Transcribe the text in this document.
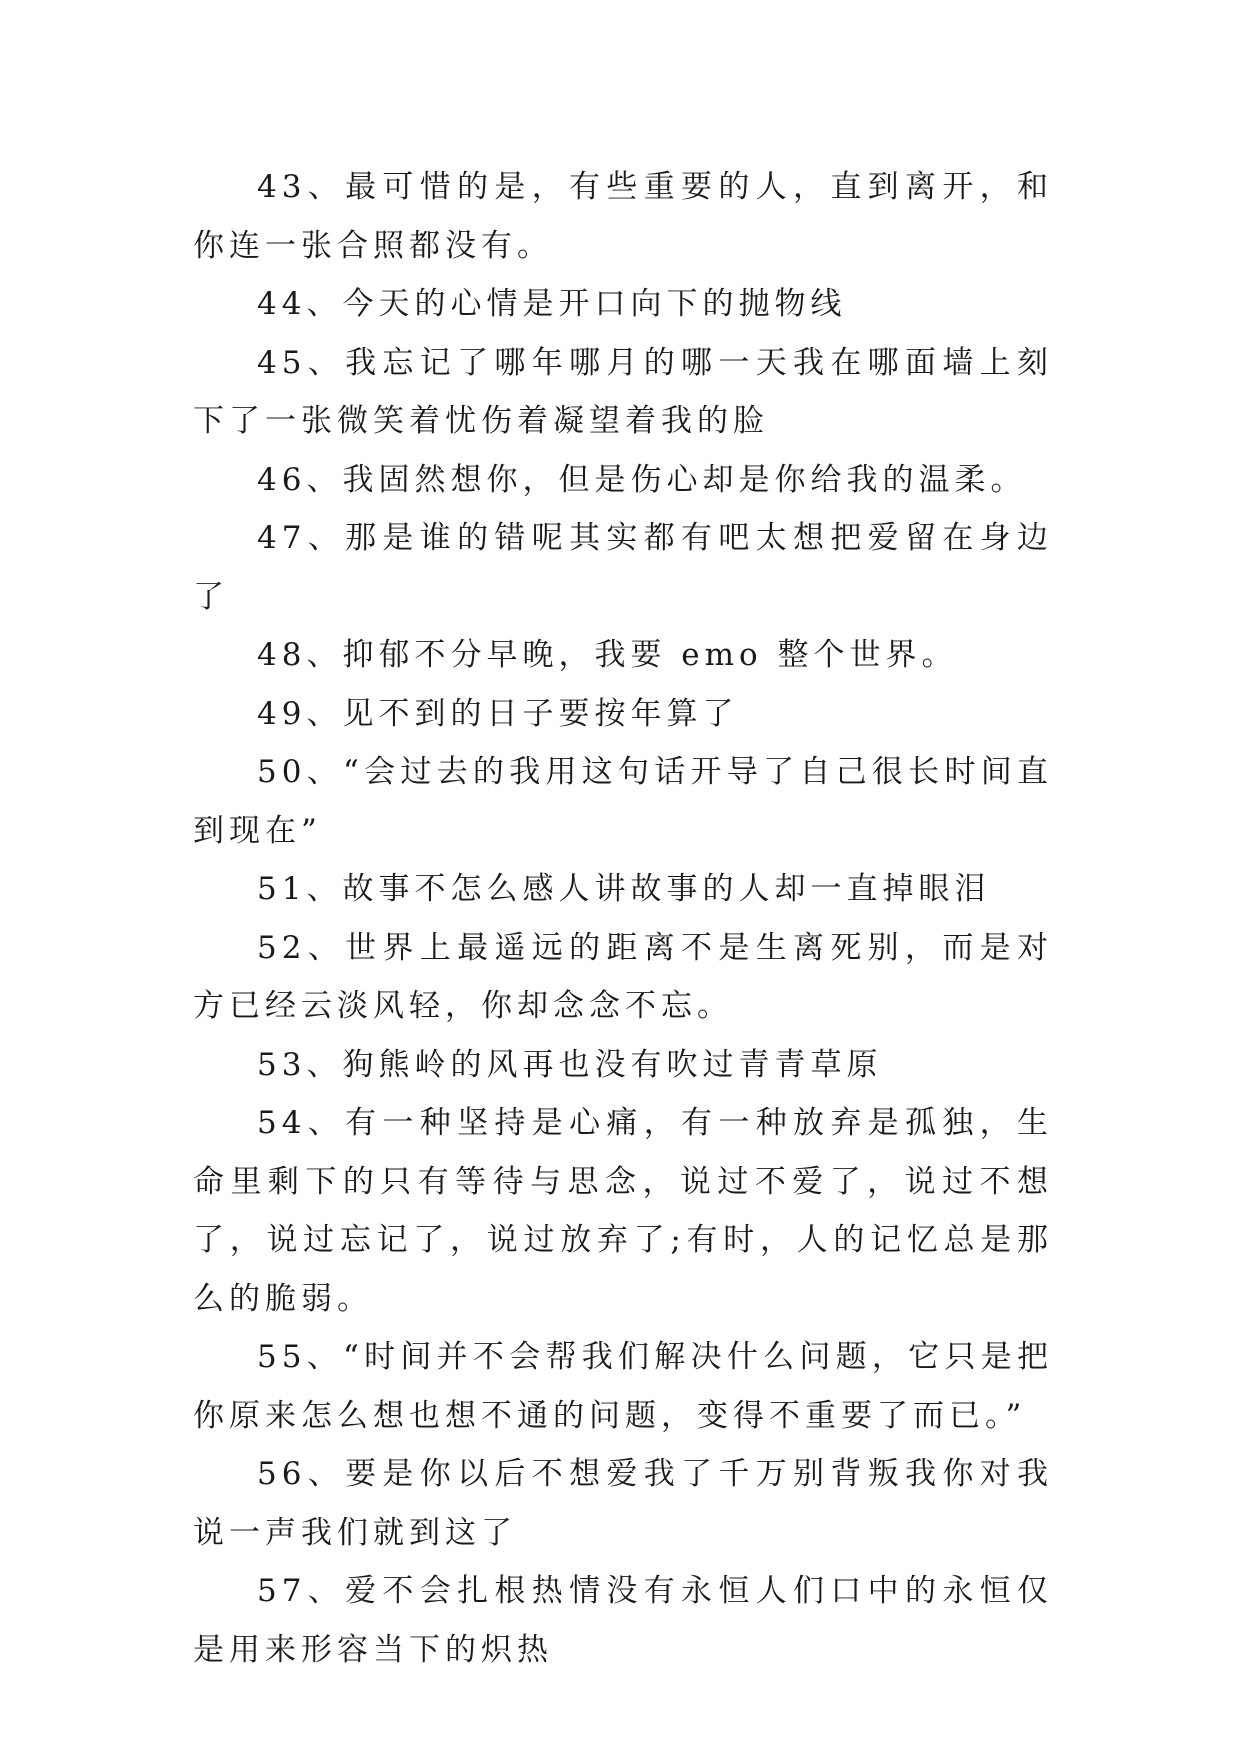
43、最可惜的是，有些重要的人，直到离开，和你连一张合照都没有。

44、今天的心情是开口向下的抛物线

45、我忘记了哪年哪月的哪一天我在哪面墙上刻下了一张微笑着忧伤着凝望着我的脸

46、我固然想你，但是伤心却是你给我的温柔。

47、那是谁的错呢其实都有吧太想把爱留在身边了

48、抑郁不分早晚，我要 emo 整个世界。

49、见不到的日子要按年算了

50、“会过去的我用这句话开导了自己很长时间直到现在”

51、故事不怎么感人讲故事的人却一直掉眼泪

52、世界上最遥远的距离不是生离死别，而是对方已经云淡风轻，你却念念不忘。

53、狗熊岭的风再也没有吹过青青草原

54、有一种坚持是心痛，有一种放弃是孤独，生命里剩下的只有等待与思念，说过不爱了，说过不想了，说过忘记了，说过放弃了;有时，人的记忆总是那么的脆弱。

55、“时间并不会帮我们解决什么问题，它只是把你原来怎么想也想不通的问题，变得不重要了而已。”

56、要是你以后不想爱我了千万别背叛我你对我说一声我们就到这了

57、爱不会扎根热情没有永恒人们口中的永恒仅是用来形容当下的炽热
